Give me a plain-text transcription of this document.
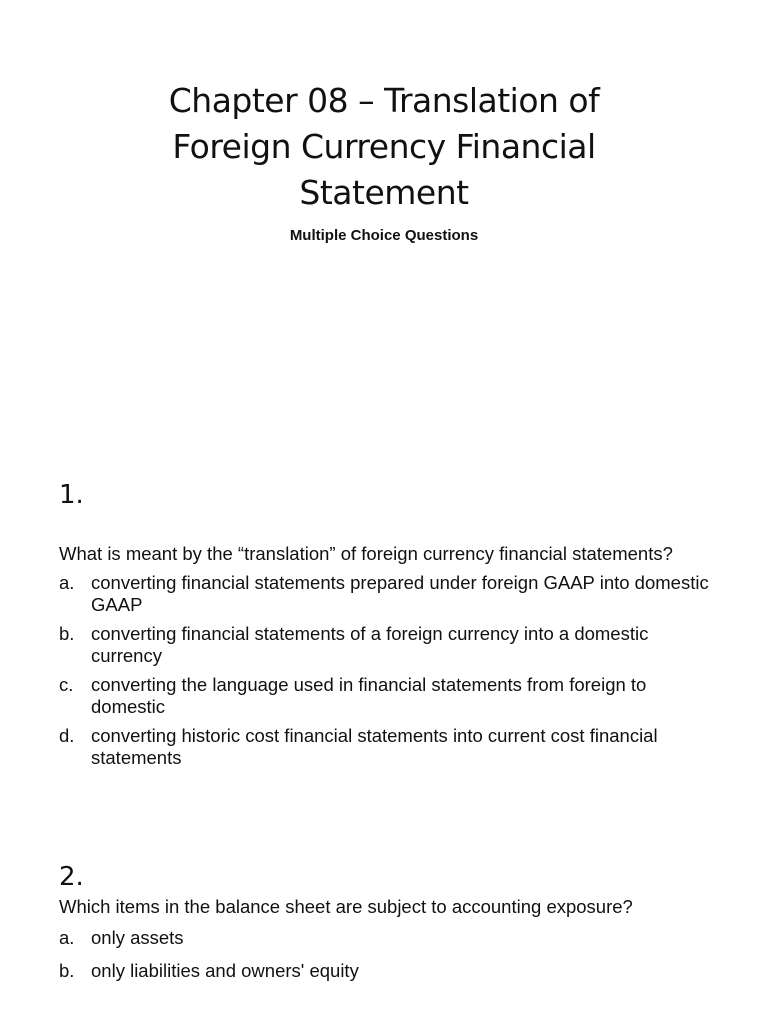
Chapter 08 – Translation of
Foreign Currency Financial
Statement
Multiple Choice Questions
1.
What is meant by the “translation” of foreign currency financial statements?
a. converting financial statements prepared under foreign GAAP into domestic GAAP
b. converting financial statements of a foreign currency into a domestic currency
c. converting the language used in financial statements from foreign to domestic
d. converting historic cost financial statements into current cost financial statements
2.
Which items in the balance sheet are subject to accounting exposure?
a. only assets
b. only liabilities and owners' equity
